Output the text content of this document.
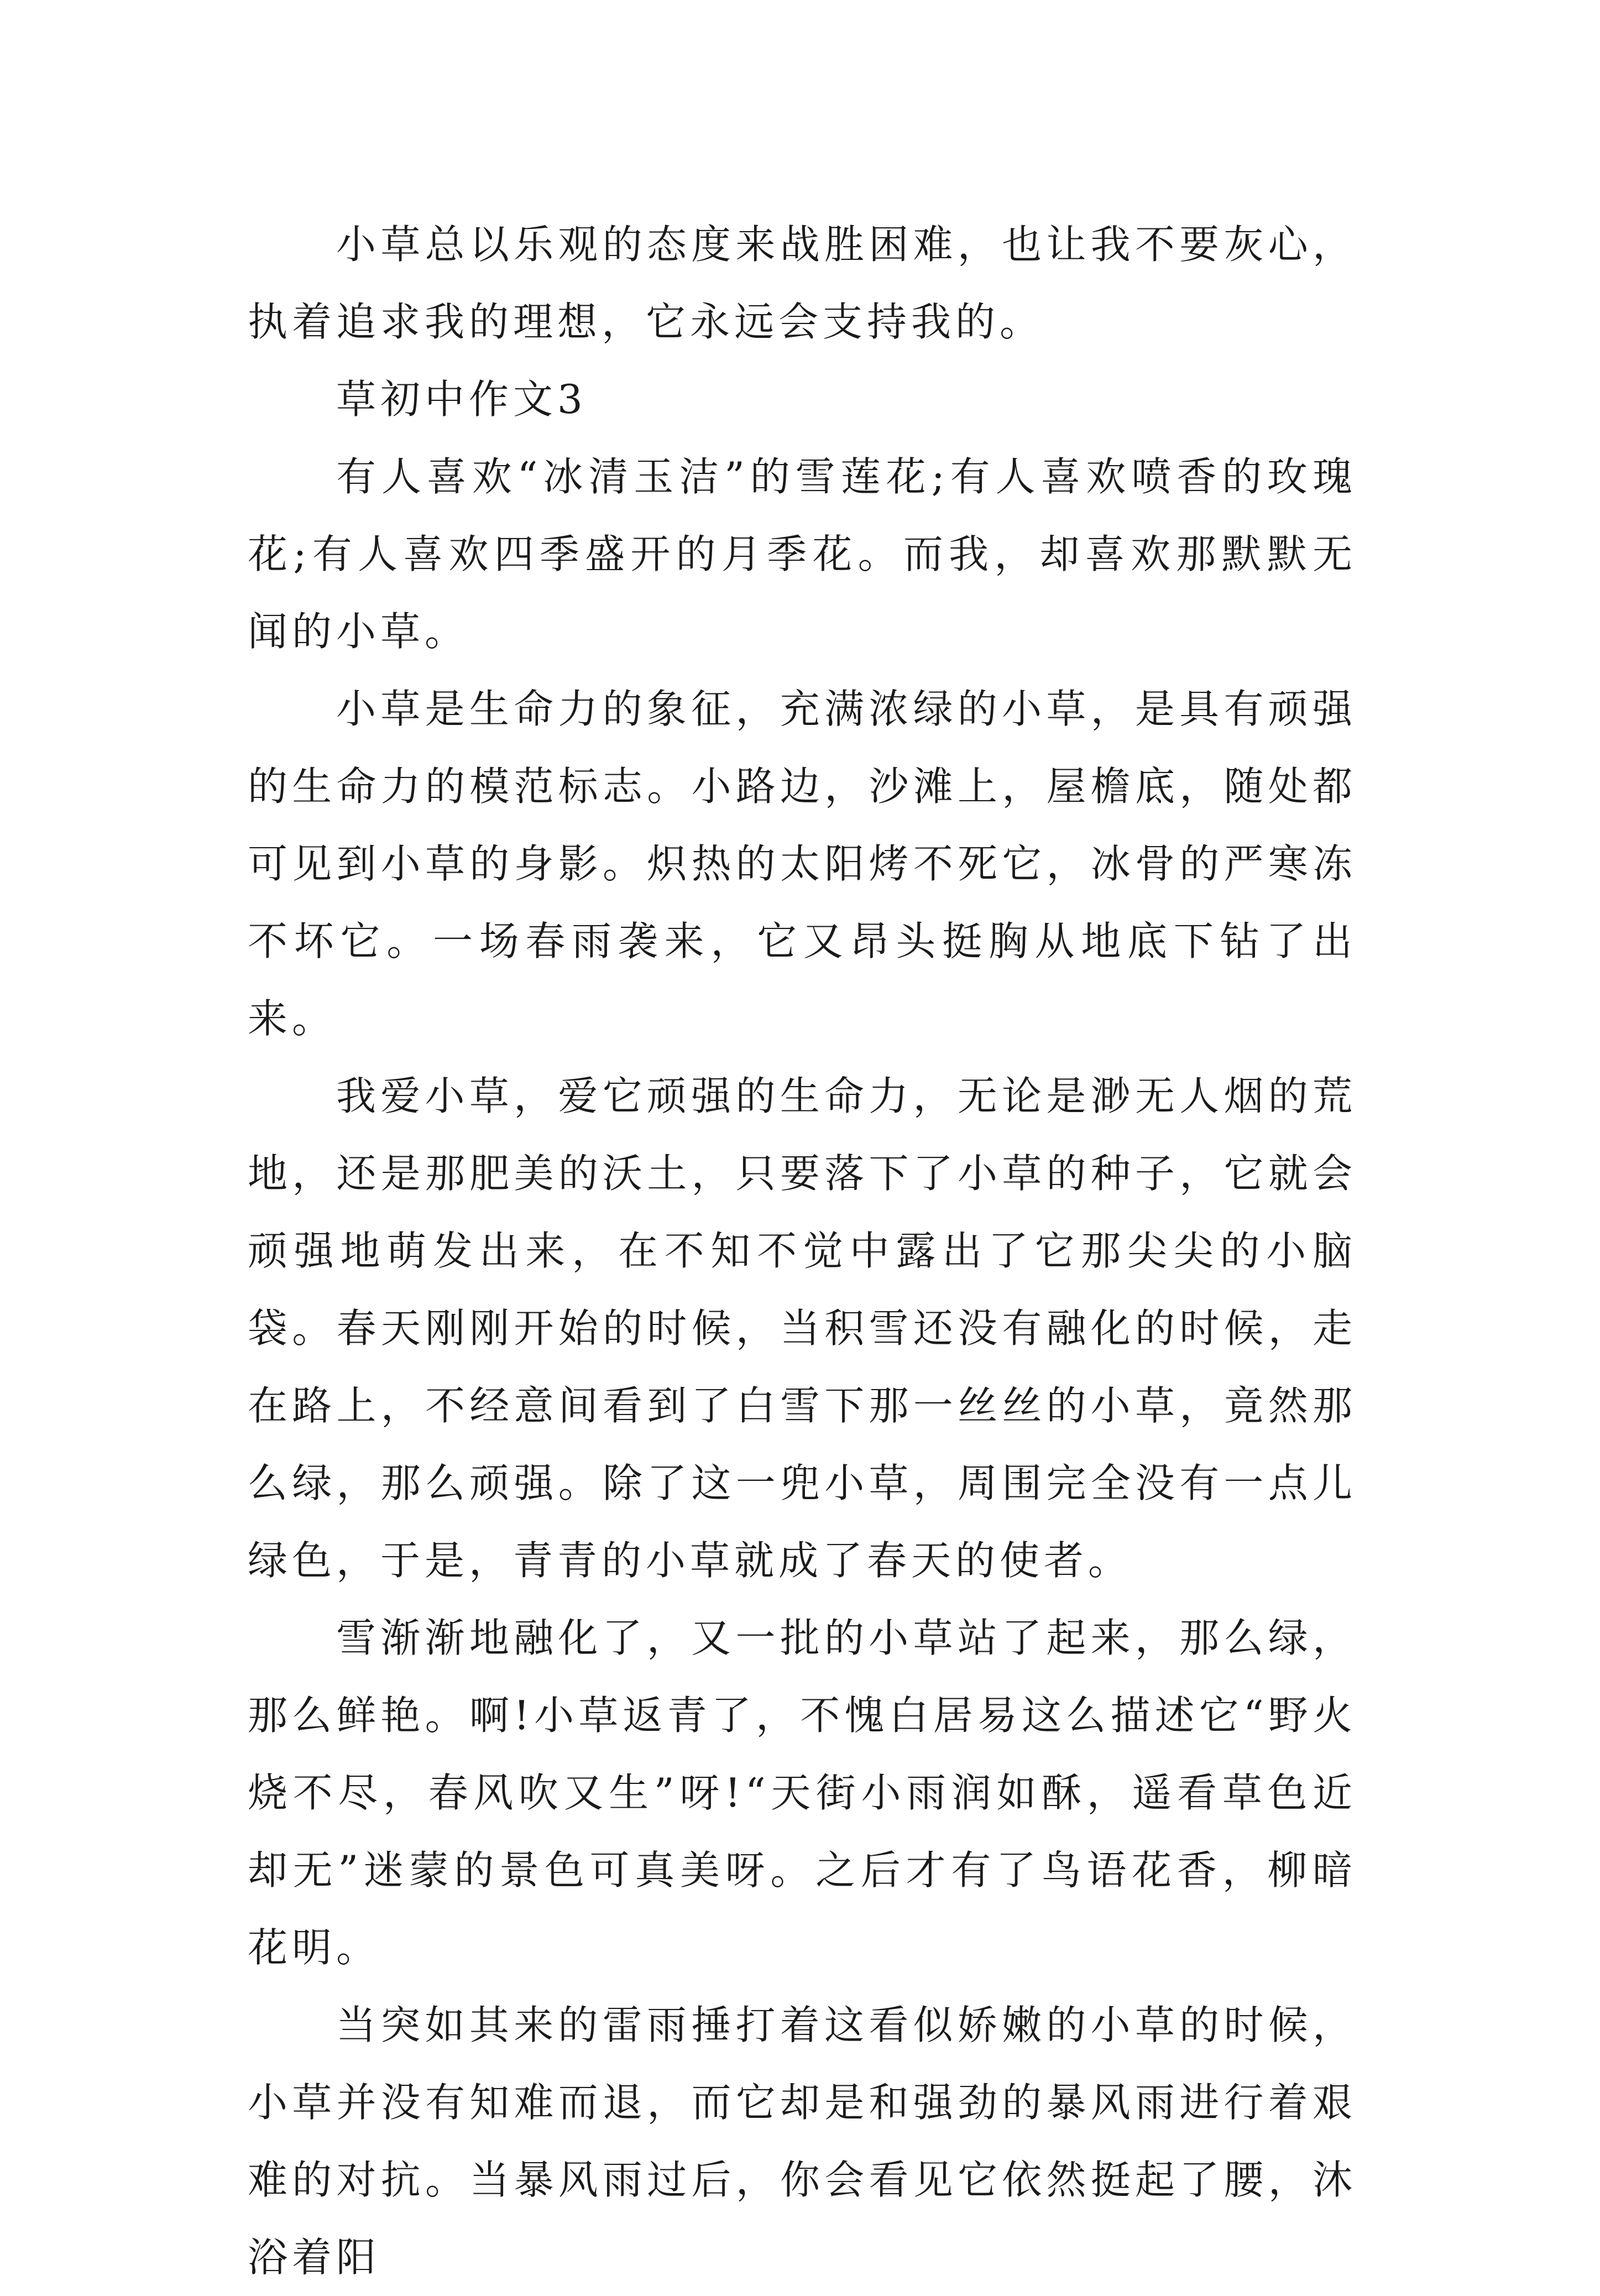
小草总以乐观的态度来战胜困难，也让我不要灰心，执着追求我的理想，它永远会支持我的。

草初中作文3

有人喜欢“冰清玉洁”的雪莲花;有人喜欢喷香的玫瑰花;有人喜欢四季盛开的月季花。而我，却喜欢那默默无闻的小草。

小草是生命力的象征，充满浓绿的小草，是具有顽强的生命力的模范标志。小路边，沙滩上，屋檐底，随处都可见到小草的身影。炽热的太阳烤不死它，冰骨的严寒冻不坏它。一场春雨袭来，它又昂头挺胸从地底下钻了出来。

我爱小草，爱它顽强的生命力，无论是渺无人烟的荒地，还是那肥美的沃土，只要落下了小草的种子，它就会顽强地萌发出来，在不知不觉中露出了它那尖尖的小脑袋。春天刚刚开始的时候，当积雪还没有融化的时候，走在路上，不经意间看到了白雪下那一丝丝的小草，竟然那么绿，那么顽强。除了这一兜小草，周围完全没有一点儿绿色，于是，青青的小草就成了春天的使者。

雪渐渐地融化了，又一批的小草站了起来，那么绿，那么鲜艳。啊!小草返青了，不愧白居易这么描述它“野火烧不尽，春风吹又生”呀!“天街小雨润如酥，遥看草色近却无”迷蒙的景色可真美呀。之后才有了鸟语花香，柳暗花明。

当突如其来的雷雨捶打着这看似娇嫩的小草的时候，小草并没有知难而退，而它却是和强劲的暴风雨进行着艰难的对抗。当暴风雨过后，你会看见它依然挺起了腰，沐浴着阳
